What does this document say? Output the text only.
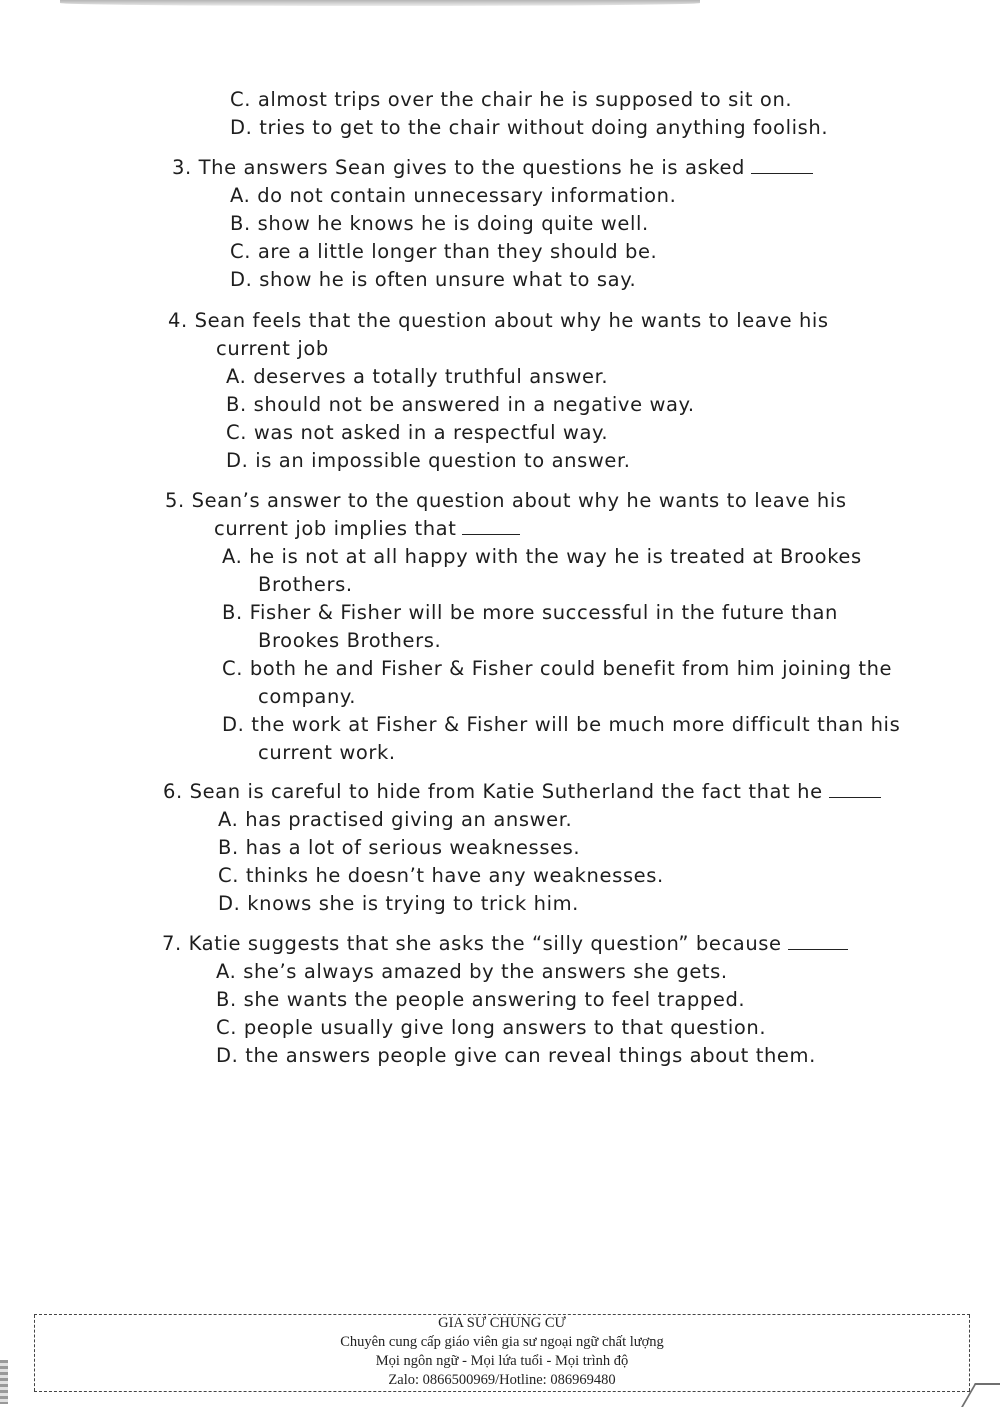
C. almost trips over the chair he is supposed to sit on.
D. tries to get to the chair without doing anything foolish.
3. The answers Sean gives to the questions he is asked
A. do not contain unnecessary information.
B. show he knows he is doing quite well.
C. are a little longer than they should be.
D. show he is often unsure what to say.
4. Sean feels that the question about why he wants to leave his
current job
A. deserves a totally truthful answer.
B. should not be answered in a negative way.
C. was not asked in a respectful way.
D. is an impossible question to answer.
5. Sean’s answer to the question about why he wants to leave his
current job implies that
A. he is not at all happy with the way he is treated at Brookes
Brothers.
B. Fisher & Fisher will be more successful in the future than
Brookes Brothers.
C. both he and Fisher & Fisher could benefit from him joining the
company.
D. the work at Fisher & Fisher will be much more difficult than his
current work.
6. Sean is careful to hide from Katie Sutherland the fact that he
A. has practised giving an answer.
B. has a lot of serious weaknesses.
C. thinks he doesn’t have any weaknesses.
D. knows she is trying to trick him.
7. Katie suggests that she asks the “silly question” because
A. she’s always amazed by the answers she gets.
B. she wants the people answering to feel trapped.
C. people usually give long answers to that question.
D. the answers people give can reveal things about them.
GIA SƯ CHUNG CƯ
Chuyên cung cấp giáo viên gia sư ngoại ngữ chất lượng
Mọi ngôn ngữ - Mọi lứa tuổi - Mọi trình độ
Zalo: 0866500969/Hotline: 086969480
